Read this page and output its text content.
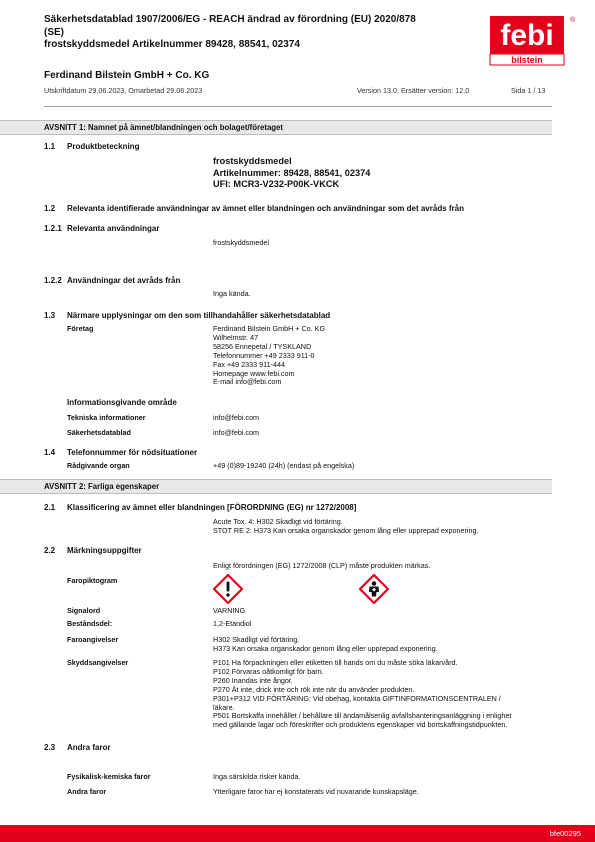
Säkerhetsdatablad 1907/2006/EG - REACH ändrad av förordning (EU) 2020/878
(SE)
frostskyddsmedel Artikelnummer 89428, 88541, 02374	febi
bilstein
®
Ferdinand Bilstein GmbH + Co. KG
Utskriftdatum 29.06.2023, Omarbetad 29.06.2023	Version 13.0. Ersätter version: 12.0	Sida 1 / 13
AVSNITT 1: Namnet på ämnet/blandningen och bolaget/företaget
1.1 Produktbeteckning
frostskyddsmedel
Artikelnummer: 89428, 88541, 02374
UFI: MCR3-V232-P00K-VKCK
1.2 Relevanta identifierade användningar av ämnet eller blandningen och användningar som det avråds från
1.2.1 Relevanta användningar
frostskyddsmedel
1.2.2 Användningar det avråds från
Inga kända.
1.3 Närmare upplysningar om den som tillhandahåller säkerhetsdatablad
Företag	Ferdinand Bilstein GmbH + Co. KG
Wilhelmstr. 47
58256 Ennepetal / TYSKLAND
Telefonnummer +49 2333 911-0
Fax +49 2333 911-444
Homepage www.febi.com
E-mail info@febi.com
Informationsgivande område
Tekniska informationer	info@febi.com
Säkerhetsdatablad	info@febi.com
1.4 Telefonnummer för nödsituationer
Rådgivande organ	+49 (0)89-19240 (24h) (endast på engelska)
AVSNITT 2: Farliga egenskaper
2.1 Klassificering av ämnet eller blandningen [FÖRORDNING (EG) nr 1272/2008]
Acute Tox. 4: H302 Skadligt vid förtäring.
STOT RE 2: H373 Kan orsaka organskador genom lång eller upprepad exponering.
2.2 Märkningsuppgifter
Enligt förordningen (EG) 1272/2008 (CLP) måste produkten märkas.
Faropiktogram
Signalord	VARNING
Beståndsdel:	1,2-Etandiol
Faroangivelser	H302 Skadligt vid förtäring.
H373 Kan orsaka organskador genom lång eller upprepad exponering.
Skyddsangivelser	P101 Ha förpackningen eller etiketten till hands om du måste söka läkarvård.
P102 Förvaras oåtkomligt för barn.
P260 Inandas inte ångor.
P270 Ät inte, drick inte och rök inte när du använder produkten.
P301+P312 VID FÖRTÄRING: Vid obehag, kontakta GIFTINFORMATIONSCENTRALEN /
läkare.
P501 Bortskaffa innehållet / behållare till ändamålsenlig avfallshanteringsanläggning i enlighet
med gällande lagar och föreskrifter och produktens egenskaper vid bortskaffningstidpunkten.
2.3 Andra faror
Fysikalisk-kemiska faror	Inga särskilda risker kända.
Andra faror	Ytterligare faror har ej konstaterats vid nuvarande kunskapsläge.
bfe00295
